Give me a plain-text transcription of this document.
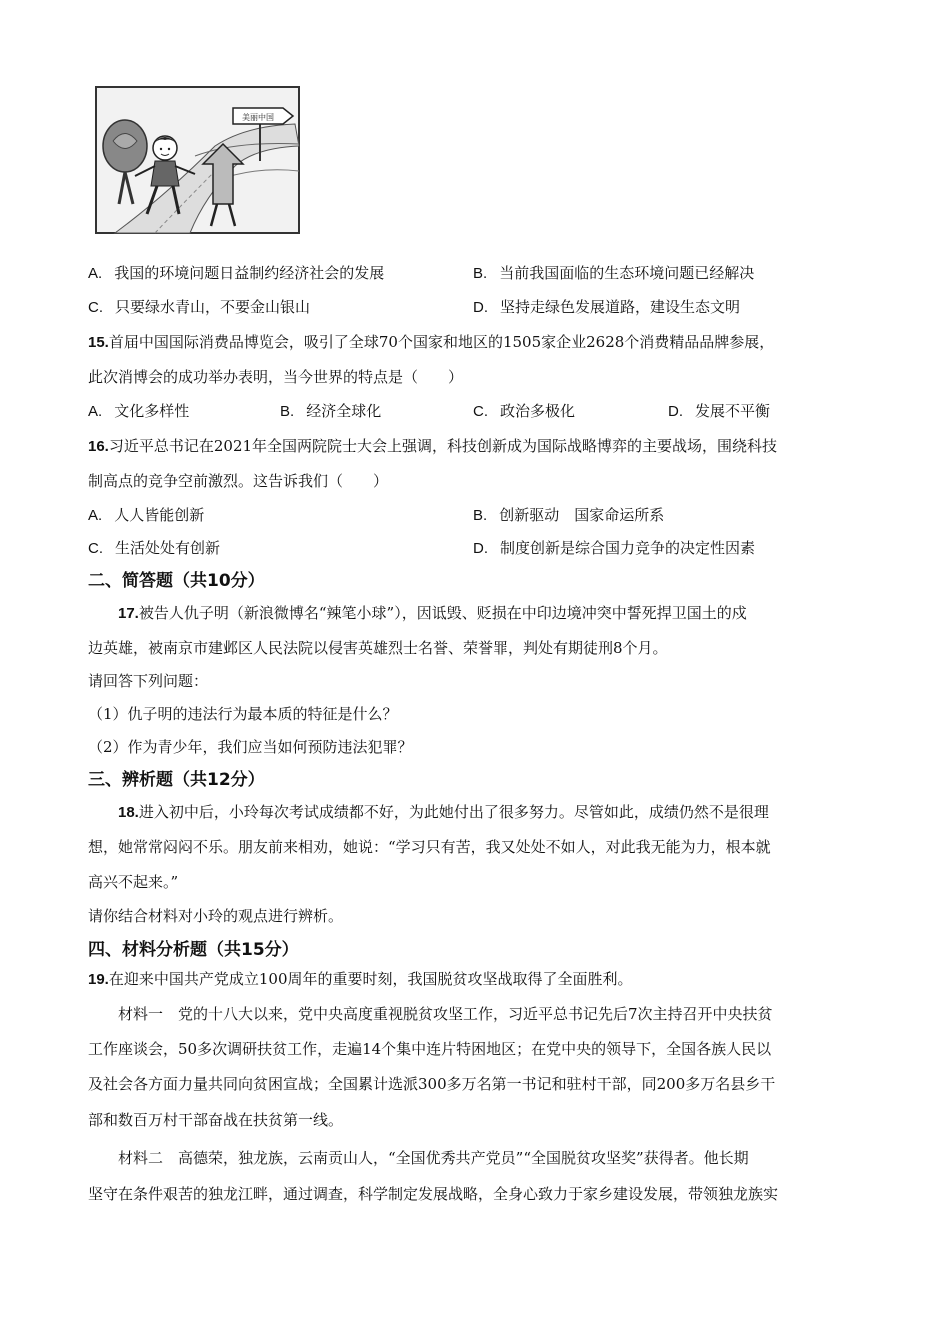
美丽中国
A. 我国的环境问题日益制约经济社会的发展	B. 当前我国面临的生态环境问题已经解决
C. 只要绿水青山，不要金山银山	D. 坚持走绿色发展道路，建设生态文明
15.首届中国国际消费品博览会，吸引了全球70个国家和地区的1505家企业2628个消费精品品牌参展，
此次消博会的成功举办表明，当今世界的特点是（　　）
A. 文化多样性	B. 经济全球化	C. 政治多极化	D. 发展不平衡
16.习近平总书记在2021年全国两院院士大会上强调，科技创新成为国际战略博弈的主要战场，围绕科技
制高点的竞争空前激烈。这告诉我们（　　）
A. 人人皆能创新	B. 创新驱动　国家命运所系
C. 生活处处有创新	D. 制度创新是综合国力竞争的决定性因素
二、简答题（共10分）
17.被告人仇子明（新浪微博名“辣笔小球”），因诋毁、贬损在中印边境冲突中誓死捍卫国土的戍
边英雄，被南京市建邺区人民法院以侵害英雄烈士名誉、荣誉罪，判处有期徒刑8个月。
请回答下列问题：
（1）仇子明的违法行为最本质的特征是什么？
（2）作为青少年，我们应当如何预防违法犯罪？
三、辨析题（共12分）
18.进入初中后，小玲每次考试成绩都不好，为此她付出了很多努力。尽管如此，成绩仍然不是很理
想，她常常闷闷不乐。朋友前来相劝，她说：“学习只有苦，我又处处不如人，对此我无能为力，根本就
高兴不起来。”
请你结合材料对小玲的观点进行辨析。
四、材料分析题（共15分）
19.在迎来中国共产党成立100周年的重要时刻，我国脱贫攻坚战取得了全面胜利。
材料一　党的十八大以来，党中央高度重视脱贫攻坚工作，习近平总书记先后7次主持召开中央扶贫
工作座谈会，50多次调研扶贫工作，走遍14个集中连片特困地区；在党中央的领导下，全国各族人民以
及社会各方面力量共同向贫困宣战；全国累计选派300多万名第一书记和驻村干部，同200多万名县乡干
部和数百万村干部奋战在扶贫第一线。
材料二　高德荣，独龙族，云南贡山人，“全国优秀共产党员”“全国脱贫攻坚奖”获得者。他长期
坚守在条件艰苦的独龙江畔，通过调查，科学制定发展战略，全身心致力于家乡建设发展，带领独龙族实
